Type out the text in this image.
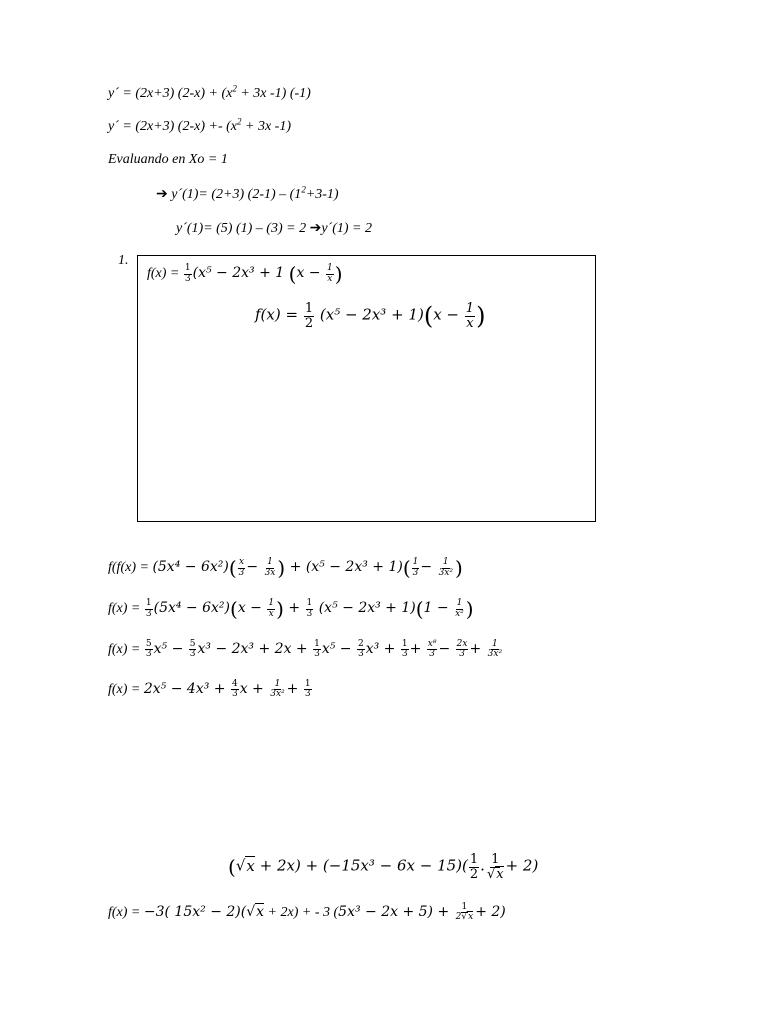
y´ = (2x+3) $(2-x) + (x^2 + 3x$ -1) (-1)
y´ = (2x+3) $(2-x) +- (x^2 + 3x$ -1)
Evaluando en Xo = 1
➔ y´(1)= (2+3) $(2-1) - (1^2+3-1)$
y´(1)= (5) (1) – (3) = 2 ➔y´(1) = 2
1.
$f(x) = \frac{1}{3} (x^5 - 2x^3 + 1$ ($x - \frac{1}{x}$ )
$f(x) = \frac{1}{2} (x^5 - 2x^3 + 1)(x - \frac{1}{x}$ )
$f(f(x) = (5x^4 - 6x^2)( \frac{x}{3} - \frac{1}{3x}$ ) + $(x^5 - 2x^3 + 1)( \frac{1}{3} - \frac{1}{\text{3x²}}$ )
$f(x) = \frac{1}{3} (5x^4 - 6x^2)(x - \frac{1}{x}$ ) + $\frac{1}{3} (x^5 - 2x^3 + 1)(1 - \frac{1}{\text{x²}}$ )
$f(x) = \frac{5}{3} x^5 - \frac{5}{3} x^3 - 2x^3 + 2x + \frac{1}{3} x^5 - \frac{2}{3} x^3 + \frac{1}{3} + \frac{\text{x⁸}}{3} - \frac{2x}{3} + \frac{1}{\text{3x²}}$
$f(x) = 2x^5 - 4x^3 + \frac{4}{3}$ $x + \frac{1}{\text{3x²}} + \frac{1}{3}$
$(√x + 2x) + (-15x^3 - 6x - 15)( \frac{1}{2}$ . $\frac{1}{√x} + 2$)
f(x) = −3( 15x² − 2)(√x + 2x) + - 3 $(5x^3 - 2x + 5) + \frac{1}{2√x} + 2$)
